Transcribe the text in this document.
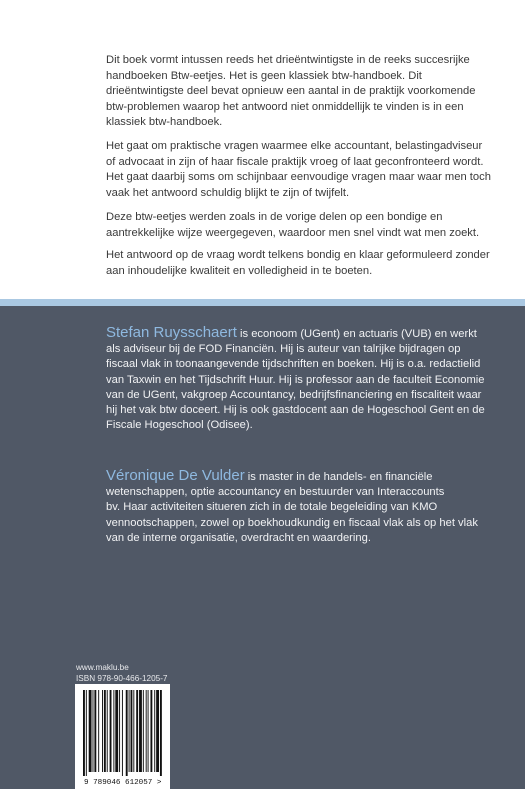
Dit boek vormt intussen reeds het drieëntwintigste in de reeks succesrijke
handboeken Btw-eetjes. Het is geen klassiek btw-handboek. Dit
drieëntwintigste deel bevat opnieuw een aantal in de praktijk voorkomende
btw-problemen waarop het antwoord niet onmiddellijk te vinden is in een
klassiek btw-handboek.

Het gaat om praktische vragen waarmee elke accountant, belastingadviseur
of advocaat in zijn of haar fiscale praktijk vroeg of laat geconfronteerd wordt.
Het gaat daarbij soms om schijnbaar eenvoudige vragen maar waar men toch
vaak het antwoord schuldig blijkt te zijn of twijfelt.

Deze btw-eetjes werden zoals in de vorige delen op een bondige en
aantrekkelijke wijze weergegeven, waardoor men snel vindt wat men zoekt.

Het antwoord op de vraag wordt telkens bondig en klaar geformuleerd zonder
aan inhoudelijke kwaliteit en volledigheid in te boeten.

Stefan Ruysschaert is econoom (UGent) en actuaris (VUB) en werkt
als adviseur bij de FOD Financiën. Hij is auteur van talrijke bijdragen op
fiscaal vlak in toonaangevende tijdschriften en boeken. Hij is o.a. redactielid
van Taxwin en het Tijdschrift Huur. Hij is professor aan de faculteit Economie
van de UGent, vakgroep Accountancy, bedrijfsfinanciering en fiscaliteit waar
hij het vak btw doceert. Hij is ook gastdocent aan de Hogeschool Gent en de
Fiscale Hogeschool (Odisee).

Véronique De Vulder is master in de handels- en financiële
wetenschappen, optie accountancy en bestuurder van Interaccounts
bv. Haar activiteiten situeren zich in de totale begeleiding van KMO
vennootschappen, zowel op boekhoudkundig en fiscaal vlak als op het vlak
van de interne organisatie, overdracht en waardering.

www.maklu.be
ISBN 978-90-466-1205-7
9 789046 612057 >
